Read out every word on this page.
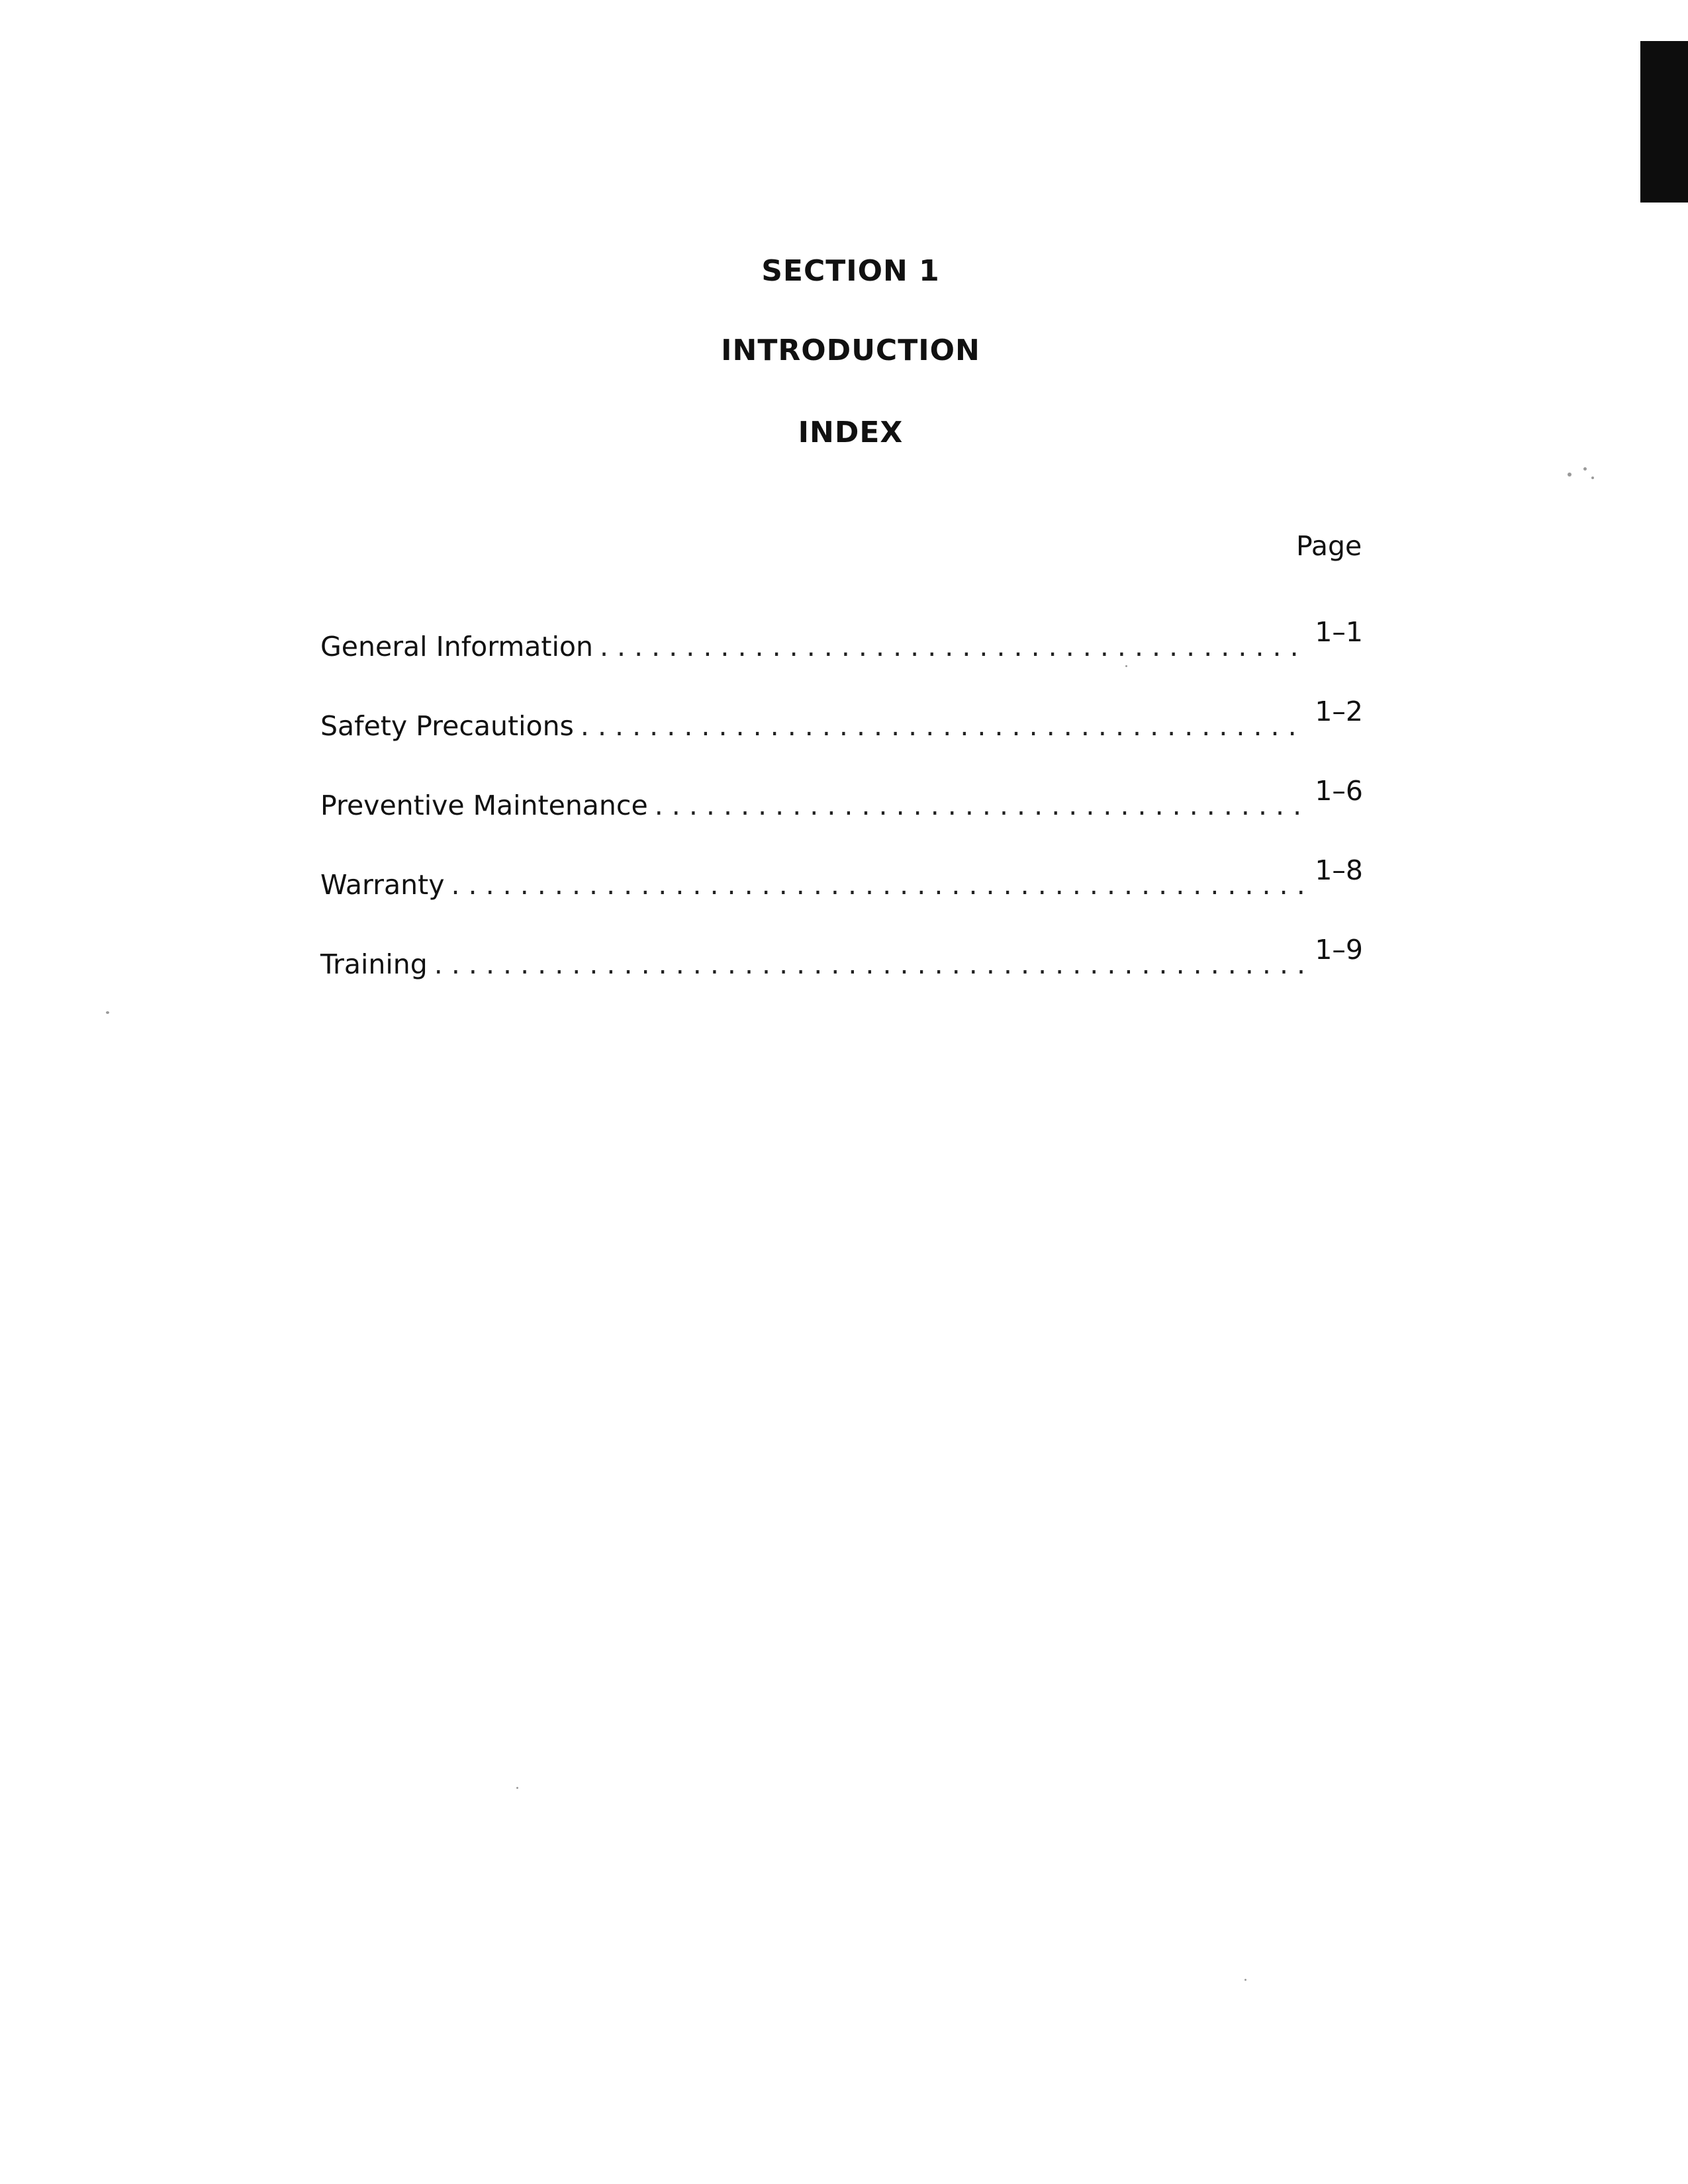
SECTION 1
INTRODUCTION
INDEX
Page
General Information . . .	1–1
Safety Precautions . . .	1–2
Preventive Maintenance . . .	1–6
Warranty . . .	1–8
Training . . .	1–9
